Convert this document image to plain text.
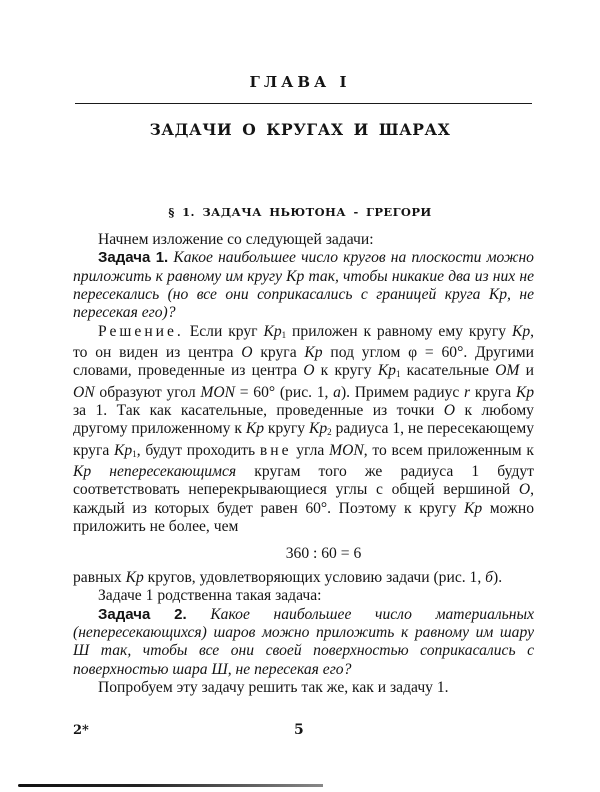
ГЛАВА I
ЗАДАЧИ О КРУГАХ И ШАРАХ
§ 1. ЗАДАЧА НЬЮТОНА - ГРЕГОРИ

Начнем изложение со следующей задачи:

Задача 1. Какое наибольшее число кругов на плоскости можно приложить к равному им кругу Кр так, чтобы никакие два из них не пересекались (но все они соприкасались с границей круга Кр, не пересекая его)?

Решение. Если круг $Кр_1$ приложен к равному ему кругу Кр, то он виден из центра O круга Кр под углом φ = 60°. Другими словами, проведенные из центра O к кругу $Кр_1$ касательные OM и ON образуют угол MON = 60° (рис. 1, a). Примем радиус r круга Кр за 1. Так как касательные, проведенные из точки O к любому другому приложенному к Кр кругу $Кр_2$ радиуса 1, не пересекающему круга $Кр_1$, будут проходить вне угла MON, то всем приложенным к Кр непересекающимся кругам того же радиуса 1 будут соответствовать неперекрывающиеся углы с общей вершиной O, каждый из которых будет равен 60°. Поэтому к кругу Кр можно приложить не более, чем

360 : 60 = 6

равных Кр кругов, удовлетворяющих условию задачи (рис. 1, б).

Задаче 1 родственна такая задача:

Задача 2. Какое наибольшее число материальных (непересекающихся) шаров можно приложить к равному им шару Ш так, чтобы все они своей поверхностью соприкасались с поверхностью шара Ш, не пересекая его?

Попробуем эту задачу решить так же, как и задачу 1.

2*	5
